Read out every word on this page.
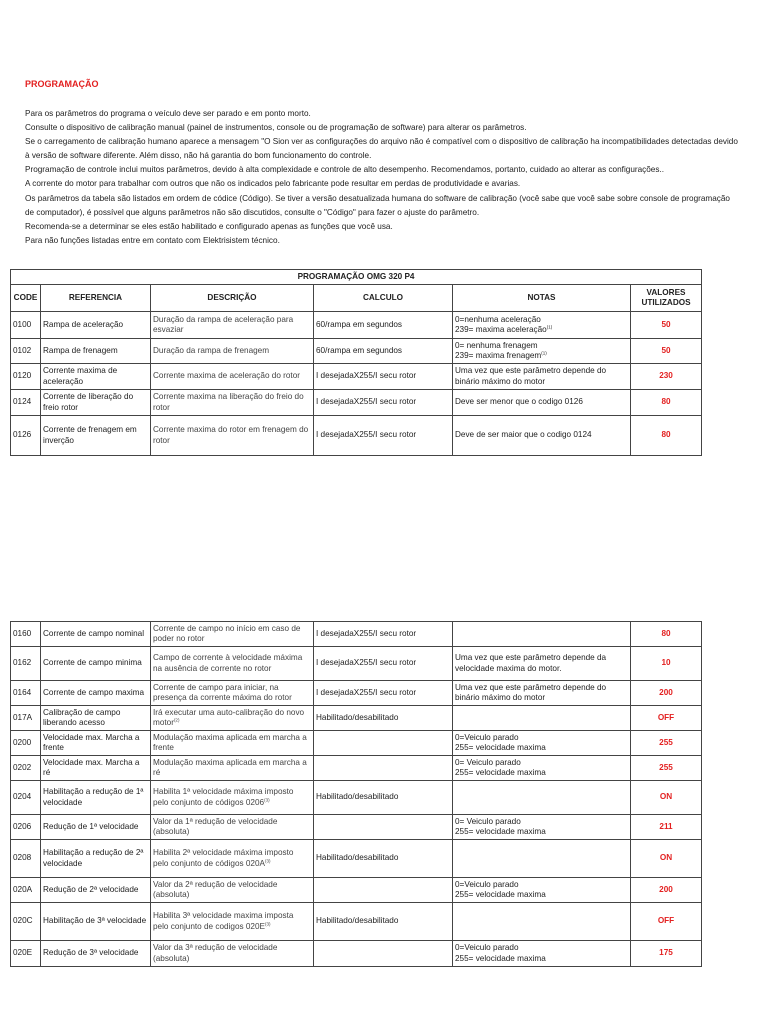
PROGRAMAÇÃO

Para os parâmetros do programa o veículo deve ser parado e em ponto morto.

Consulte o dispositivo de calibração manual (painel de instrumentos, console ou de programação de software) para alterar os parâmetros.

Se o carregamento de calibração humano aparece a mensagem "O Sion ver as configurações do arquivo não é compatível com o dispositivo de calibração ha incompatibilidades detectadas devido à versão de software diferente. Além disso, não há garantia do bom funcionamento do controle.

Programação de controle inclui muitos parâmetros, devido à alta complexidade e controle de alto desempenho. Recomendamos, portanto, cuidado ao alterar as configurações..

A corrente do motor para trabalhar com outros que não os indicados pelo fabricante pode resultar em perdas de produtividade e avarias.

Os parâmetros da tabela são listados em ordem de códice (Código). Se tiver a versão desatualizada humana do software de calibração (você sabe que você sabe sobre console de programação de computador), é possível que alguns parâmetros não são discutidos, consulte o "Código" para fazer o ajuste do parâmetro.

Recomenda-se a determinar se eles estão habilitado e configurado apenas as funções que você usa.

Para não funções listadas entre em contato com Elektrisistem técnico.

PROGRAMAÇÃO OMG 320 P4					
CODE	REFERENCIA	DESCRIÇÃO	CALCULO	NOTAS	VALORES UTILIZADOS
0100	Rampa de aceleração	Duração da rampa de aceleração para esvaziar	60/rampa em segundos	0=nenhuma aceleração
239= maxima aceleração$^{(1)}$	50
0102	Rampa de frenagem	Duração da rampa de frenagem	60/rampa em segundos	0= nenhuma frenagem
239= maxima frenagem$^{(1)}$	50
0120	Corrente maxima de aceleração	Corrente maxima de aceleração do rotor	I desejadaX255/I secu rotor	Uma vez que este parâmetro depende do binário máximo do motor	230
0124	Corrente de liberação do freio rotor	Corrente maxima na liberação do freio do rotor	I desejadaX255/I secu rotor	Deve ser menor que o codigo 0126	80
0126	Corrente de frenagem em inverção	Corrente maxima do rotor em frenagem do rotor	I desejadaX255/I secu rotor	Deve de ser maior que o codigo 0124	80
0160	Corrente de campo nominal	Corrente de campo no início em caso de poder no rotor	I desejadaX255/I secu rotor		80
0162	Corrente de campo minima	Campo de corrente à velocidade máxima na ausência de corrente no rotor	I desejadaX255/I secu rotor	Uma vez que este parâmetro depende da velocidade maxima do motor.	10
0164	Corrente de campo maxima	Corrente de campo para iniciar, na presença da corrente máxima do rotor	I desejadaX255/I secu rotor	Uma vez que este parâmetro depende do binário máximo do motor	200
017A	Calibração de campo liberando acesso	Irá executar uma auto-calibração do novo motor$^{(2)}$	Habilitado/desabilitado		OFF
0200	Velocidade max. Marcha a frente	Modulação maxima aplicada em marcha a frente		0=Veiculo parado
255= velocidade maxima	255
0202	Velocidade max. Marcha a ré	Modulação maxima aplicada em marcha a ré		0= Veiculo parado
255= velocidade maxima	255
0204	Habilitação a redução de 1ª velocidade	Habilita 1ª velocidade máxima imposto pelo conjunto de códigos 0206$^{(3)}$	Habilitado/desabilitado		ON
0206	Redução de 1ª velocidade	Valor da 1ª redução de velocidade (absoluta)		0= Veiculo parado
255= velocidade maxima	211
0208	Habilitação a redução de 2ª velocidade	Habilita 2ª velocidade máxima imposto pelo conjunto de códigos $020A^{(3)}$	Habilitado/desabilitado		ON
020A	Redução de 2ª velocidade	Valor da 2ª redução de velocidade (absoluta)		0=Veiculo parado
255= velocidade maxima	200
020C	Habilitação de 3ª velocidade	Habilita 3ª velocidade maxima imposta pelo conjunto de codigos $020E^{(3)}$	Habilitado/desabilitado		OFF
020E	Redução de 3ª velocidade	Valor da 3ª redução de velocidade (absoluta)		0=Veiculo parado
255= velocidade maxima	175
